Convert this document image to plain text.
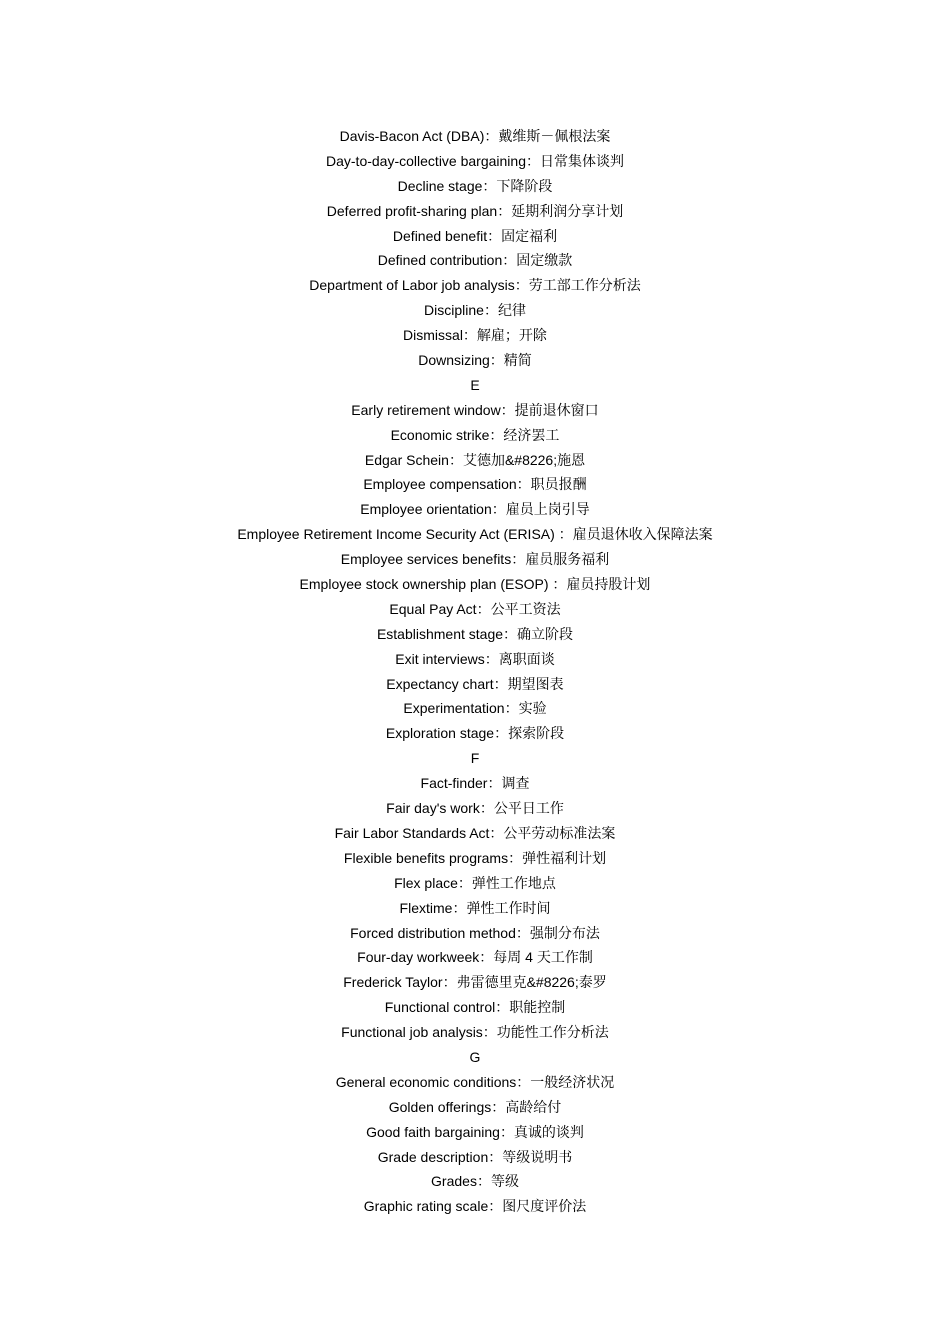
Davis-Bacon Act (DBA)：戴维斯－佩根法案
Day-to-day-collective bargaining：日常集体谈判
Decline stage：下降阶段
Deferred profit-sharing plan：延期利润分享计划
Defined benefit：固定福利
Defined contribution：固定缴款
Department of Labor job analysis：劳工部工作分析法
Discipline：纪律
Dismissal：解雇；开除
Downsizing：精简
E
Early retirement window：提前退休窗口
Economic strike：经济罢工
Edgar Schein：艾德加&#8226;施恩
Employee compensation：职员报酬
Employee orientation：雇员上岗引导
Employee Retirement Income Security Act (ERISA) ：雇员退休收入保障法案
Employee services benefits：雇员服务福利
Employee stock ownership plan (ESOP) ：雇员持股计划
Equal Pay Act：公平工资法
Establishment stage：确立阶段
Exit interviews：离职面谈
Expectancy chart：期望图表
Experimentation：实验
Exploration stage：探索阶段
F
Fact-finder：调查
Fair day's work：公平日工作
Fair Labor Standards Act：公平劳动标准法案
Flexible benefits programs：弹性福利计划
Flex place：弹性工作地点
Flextime：弹性工作时间
Forced distribution method：强制分布法
Four-day workweek：每周 4 天工作制
Frederick Taylor：弗雷德里克&#8226;泰罗
Functional control：职能控制
Functional job analysis：功能性工作分析法
G
General economic conditions：一般经济状况
Golden offerings：高龄给付
Good faith bargaining：真诚的谈判
Grade description：等级说明书
Grades：等级
Graphic rating scale：图尺度评价法
